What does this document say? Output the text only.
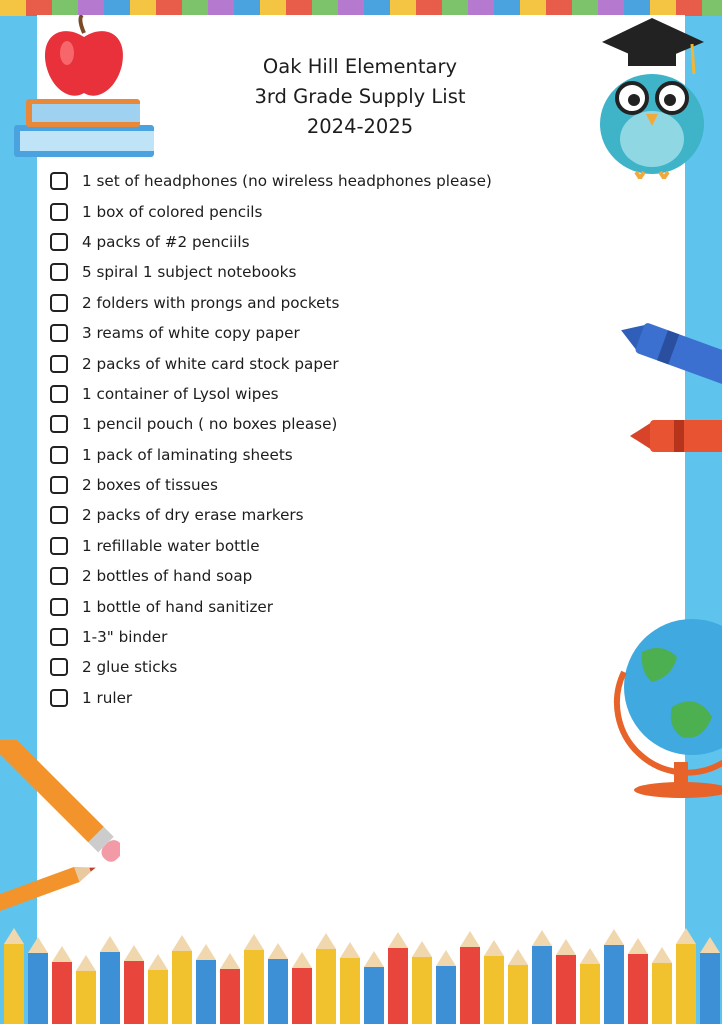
Oak Hill Elementary
3rd Grade Supply List
2024-2025
1 set of headphones (no wireless headphones please)
1 box of colored pencils
4 packs of #2 penciils
5 spiral 1 subject notebooks
2 folders with prongs and pockets
3 reams of white copy paper
2 packs of white card stock paper
1 container of Lysol wipes
1 pencil pouch ( no boxes please)
1 pack of laminating sheets
2 boxes of tissues
2 packs of dry erase markers
1 refillable water bottle
2 bottles of hand soap
1 bottle of hand sanitizer
1-3" binder
2 glue sticks
1 ruler
